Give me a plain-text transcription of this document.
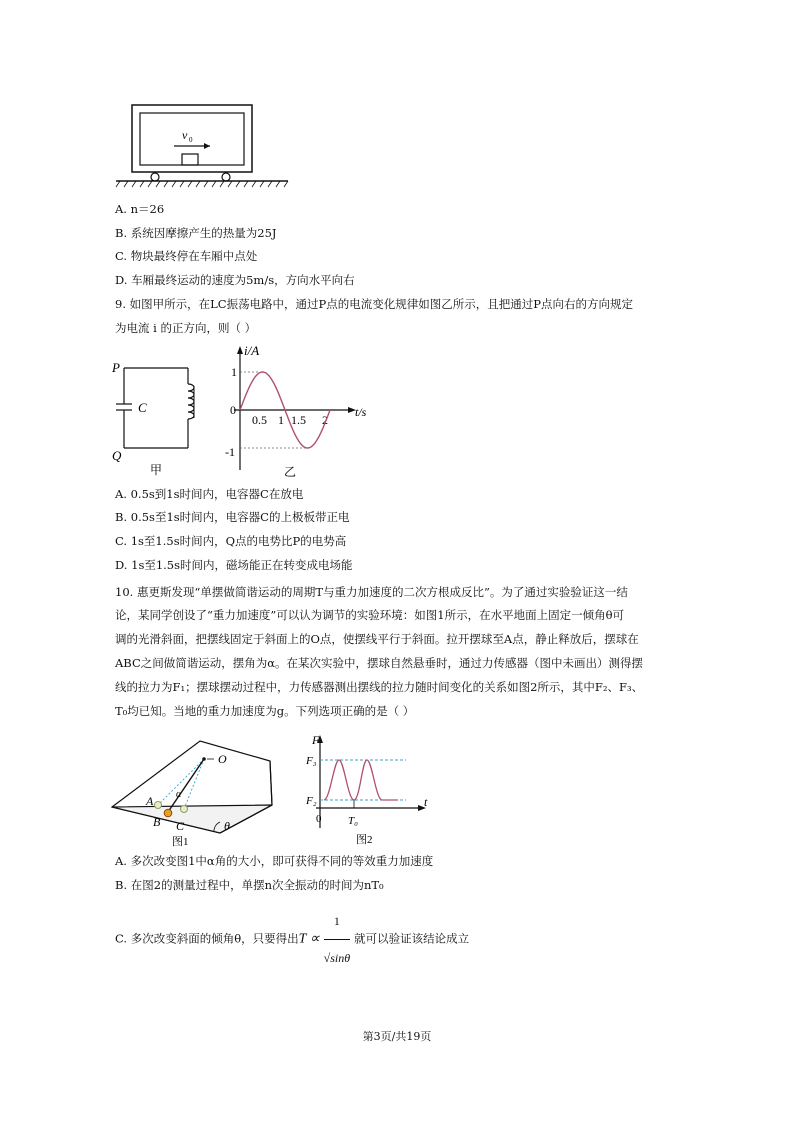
v 0
A. n＝26
B. 系统因摩擦产生的热量为25J
C. 物块最终停在车厢中点处
D. 车厢最终运动的速度为5m/s，方向水平向右
9. 如图甲所示，在LC振荡电路中，通过P点的电流变化规律如图乙所示，且把通过P点向右的方向规定
为电流 i 的正方向，则（ ）
P
C
Q
甲
i/A
t/s
1
0
-1
0.5 1 1.5 2
乙
A. 0.5s到1s时间内，电容器C在放电
B. 0.5s至1s时间内，电容器C的上极板带正电
C. 1s至1.5s时间内，Q点的电势比P的电势高
D. 1s至1.5s时间内，磁场能正在转变成电场能
10. 惠更斯发现“单摆做简谐运动的周期T与重力加速度的二次方根成反比”。为了通过实验验证这一结
论，某同学创设了“重力加速度”可以认为调节的实验环境：如图1所示，在水平地面上固定一倾角θ可
调的光滑斜面，把摆线固定于斜面上的O点，使摆线平行于斜面。拉开摆球至A点，静止释放后，摆球在
ABC之间做简谐运动，摆角为α。在某次实验中，摆球自然悬垂时，通过力传感器（图中未画出）测得摆
线的拉力为F₁；摆球摆动过程中，力传感器测出摆线的拉力随时间变化的关系如图2所示，其中F₂、F₃、
T₀均已知。当地的重力加速度为g。下列选项正确的是（ ）
θ
O
α
A
B C
图1
t
F
F₃
F₂
0 T₀
图2
A. 多次改变图1中α角的大小，即可获得不同的等效重力加速度
B. 在图2的测量过程中，单摆n次全振动的时间为nT₀
C. 多次改变斜面的倾角θ，只要得出$T \propto \frac{1}{√\sin\theta}$ 就可以验证该结论成立
第3页/共19页
